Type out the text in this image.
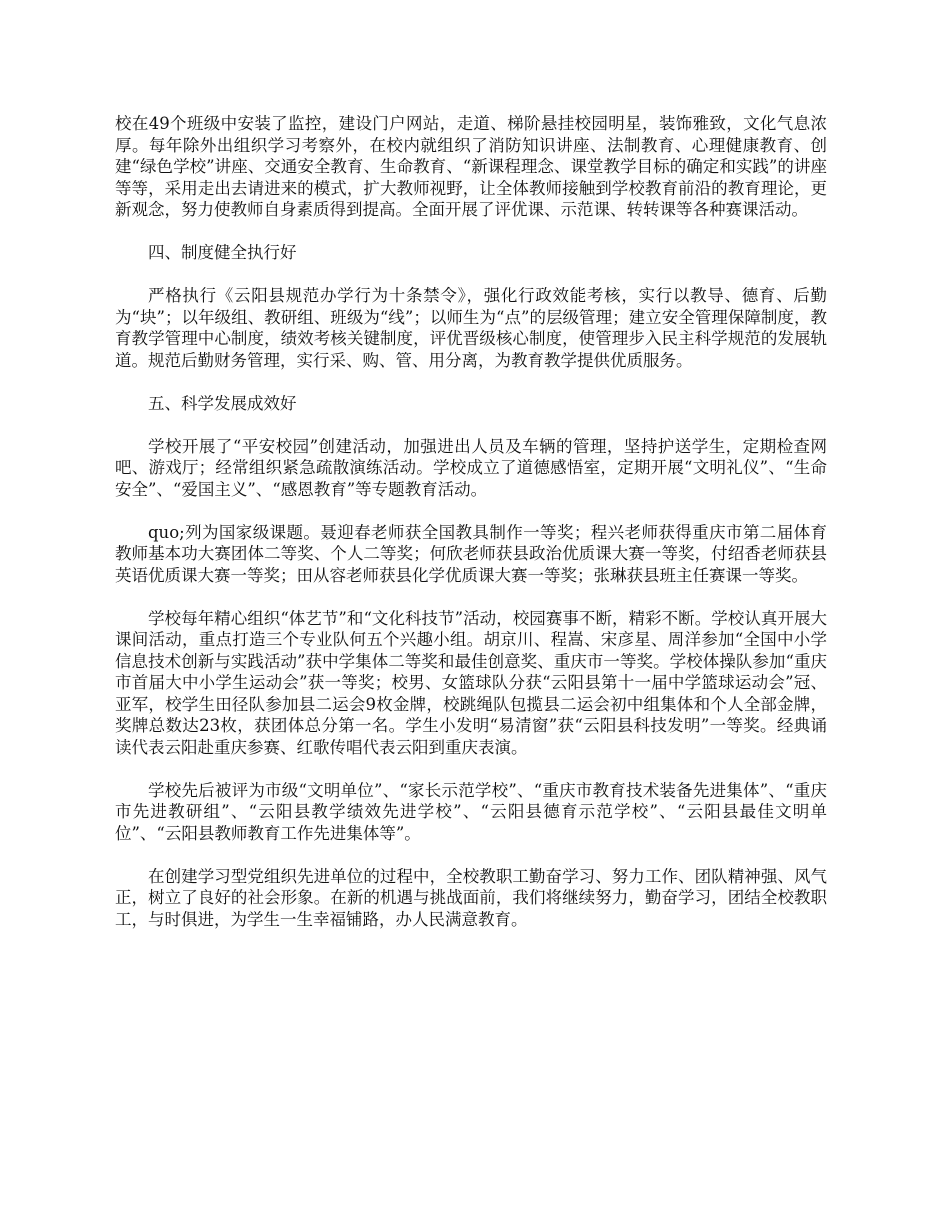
校在49个班级中安装了监控，建设门户网站，走道、梯阶悬挂校园明星，装饰雅致，文化气息浓厚。每年除外出组织学习考察外，在校内就组织了消防知识讲座、法制教育、心理健康教育、创建“绿色学校”讲座、交通安全教育、生命教育、“新课程理念、课堂教学目标的确定和实践”的讲座等等，采用走出去请进来的模式，扩大教师视野，让全体教师接触到学校教育前沿的教育理论，更新观念，努力使教师自身素质得到提高。全面开展了评优课、示范课、转转课等各种赛课活动。

四、制度健全执行好

严格执行《云阳县规范办学行为十条禁令》，强化行政效能考核，实行以教导、德育、后勤为“块”；以年级组、教研组、班级为“线”；以师生为“点”的层级管理；建立安全管理保障制度，教育教学管理中心制度，绩效考核关键制度，评优晋级核心制度，使管理步入民主科学规范的发展轨道。规范后勤财务管理，实行采、购、管、用分离，为教育教学提供优质服务。

五、科学发展成效好

学校开展了“平安校园”创建活动，加强进出人员及车辆的管理，坚持护送学生，定期检查网吧、游戏厅；经常组织紧急疏散演练活动。学校成立了道德感悟室，定期开展“文明礼仪”、“生命安全”、“爱国主义”、“感恩教育”等专题教育活动。

quo;列为国家级课题。聂迎春老师获全国教具制作一等奖；程兴老师获得重庆市第二届体育教师基本功大赛团体二等奖、个人二等奖；何欣老师获县政治优质课大赛一等奖，付绍香老师获县英语优质课大赛一等奖；田从容老师获县化学优质课大赛一等奖；张琳获县班主任赛课一等奖。

学校每年精心组织“体艺节”和“文化科技节”活动，校园赛事不断，精彩不断。学校认真开展大课间活动，重点打造三个专业队何五个兴趣小组。胡京川、程嵩、宋彦星、周洋参加“全国中小学信息技术创新与实践活动”获中学集体二等奖和最佳创意奖、重庆市一等奖。学校体操队参加“重庆市首届大中小学生运动会”获一等奖；校男、女篮球队分获“云阳县第十一届中学篮球运动会”冠、亚军，校学生田径队参加县二运会9枚金牌，校跳绳队包揽县二运会初中组集体和个人全部金牌，奖牌总数达23枚，获团体总分第一名。学生小发明“易清窗”获“云阳县科技发明”一等奖。经典诵读代表云阳赴重庆参赛、红歌传唱代表云阳到重庆表演。

学校先后被评为市级“文明单位”、“家长示范学校”、“重庆市教育技术装备先进集体”、“重庆市先进教研组”、“云阳县教学绩效先进学校”、“云阳县德育示范学校”、“云阳县最佳文明单位”、“云阳县教师教育工作先进集体等”。

在创建学习型党组织先进单位的过程中，全校教职工勤奋学习、努力工作、团队精神强、风气正，树立了良好的社会形象。在新的机遇与挑战面前，我们将继续努力，勤奋学习，团结全校教职工，与时俱进，为学生一生幸福铺路，办人民满意教育。
